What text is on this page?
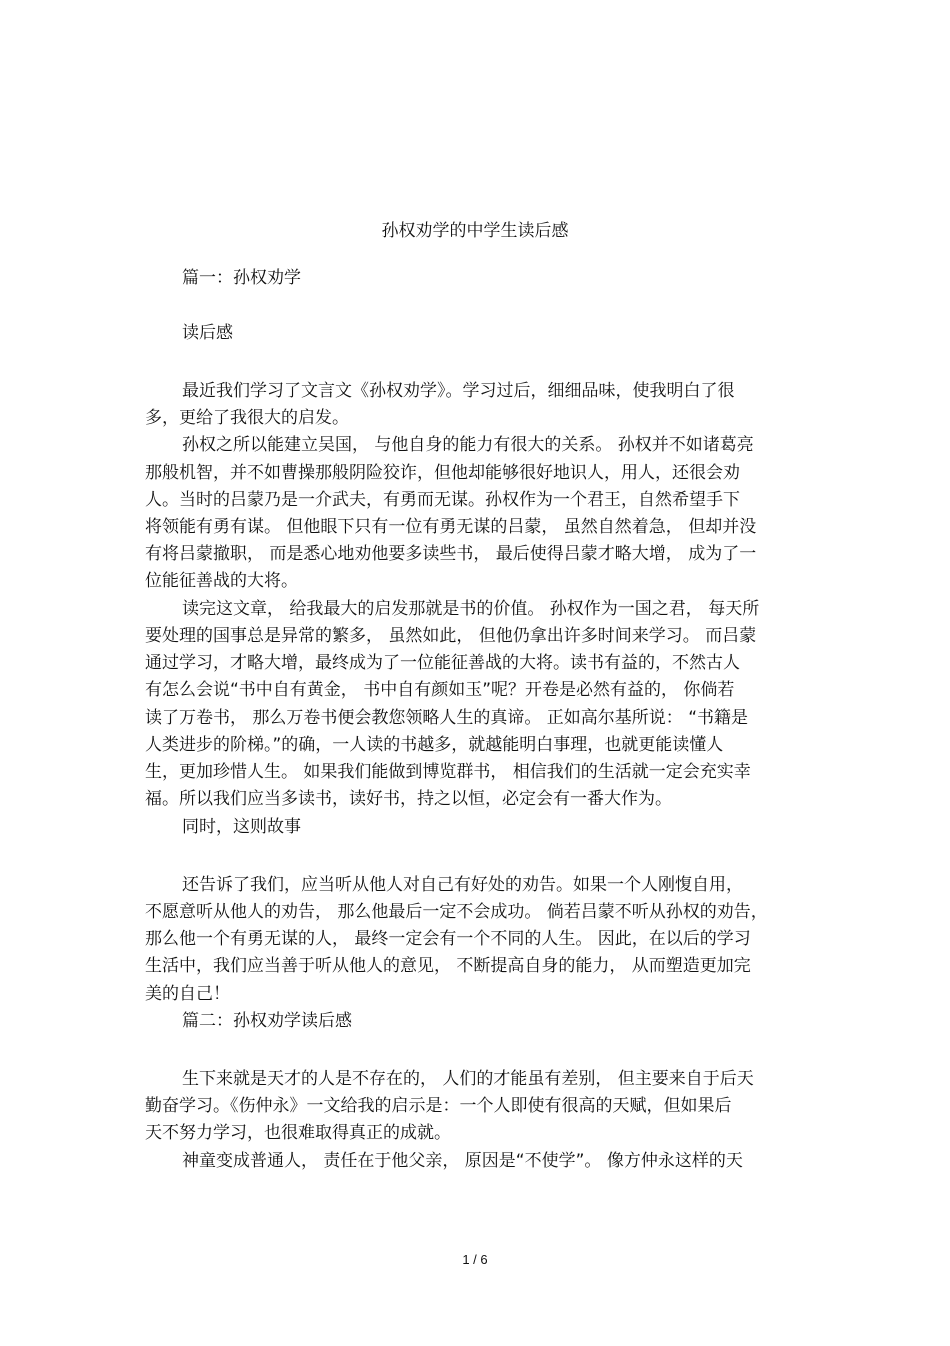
孙权劝学的中学生读后感
篇一：孙权劝学
读后感
最近我们学习了文言文《孙权劝学》。学习过后，细细品味，使我明白了很
多，更给了我很大的启发。
孙权之所以能建立吴国， 与他自身的能力有很大的关系。 孙权并不如诸葛亮
那般机智，并不如曹操那般阴险狡诈，但他却能够很好地识人，用人，还很会劝
人。当时的吕蒙乃是一介武夫，有勇而无谋。孙权作为一个君王，自然希望手下
将领能有勇有谋。 但他眼下只有一位有勇无谋的吕蒙， 虽然自然着急， 但却并没
有将吕蒙撤职， 而是悉心地劝他要多读些书， 最后使得吕蒙才略大增， 成为了一
位能征善战的大将。
读完这文章， 给我最大的启发那就是书的价值。 孙权作为一国之君， 每天所
要处理的国事总是异常的繁多， 虽然如此， 但他仍拿出许多时间来学习。 而吕蒙
通过学习，才略大增，最终成为了一位能征善战的大将。读书有益的，不然古人
有怎么会说“书中自有黄金， 书中自有颜如玉”呢？开卷是必然有益的， 你倘若
读了万卷书， 那么万卷书便会教您领略人生的真谛。 正如高尔基所说： “书籍是
人类进步的阶梯。”的确，一人读的书越多，就越能明白事理，也就更能读懂人
生，更加珍惜人生。 如果我们能做到博览群书， 相信我们的生活就一定会充实幸
福。所以我们应当多读书，读好书，持之以恒，必定会有一番大作为。
同时，这则故事
还告诉了我们，应当听从他人对自己有好处的劝告。如果一个人刚愎自用，
不愿意听从他人的劝告， 那么他最后一定不会成功。 倘若吕蒙不听从孙权的劝告，
那么他一个有勇无谋的人， 最终一定会有一个不同的人生。 因此，在以后的学习
生活中，我们应当善于听从他人的意见， 不断提高自身的能力， 从而塑造更加完
美的自己！
篇二：孙权劝学读后感
生下来就是天才的人是不存在的， 人们的才能虽有差别， 但主要来自于后天
勤奋学习。《伤仲永》一文给我的启示是：一个人即使有很高的天赋，但如果后
天不努力学习，也很难取得真正的成就。
神童变成普通人， 责任在于他父亲， 原因是“不使学”。 像方仲永这样的天
1 / 6
